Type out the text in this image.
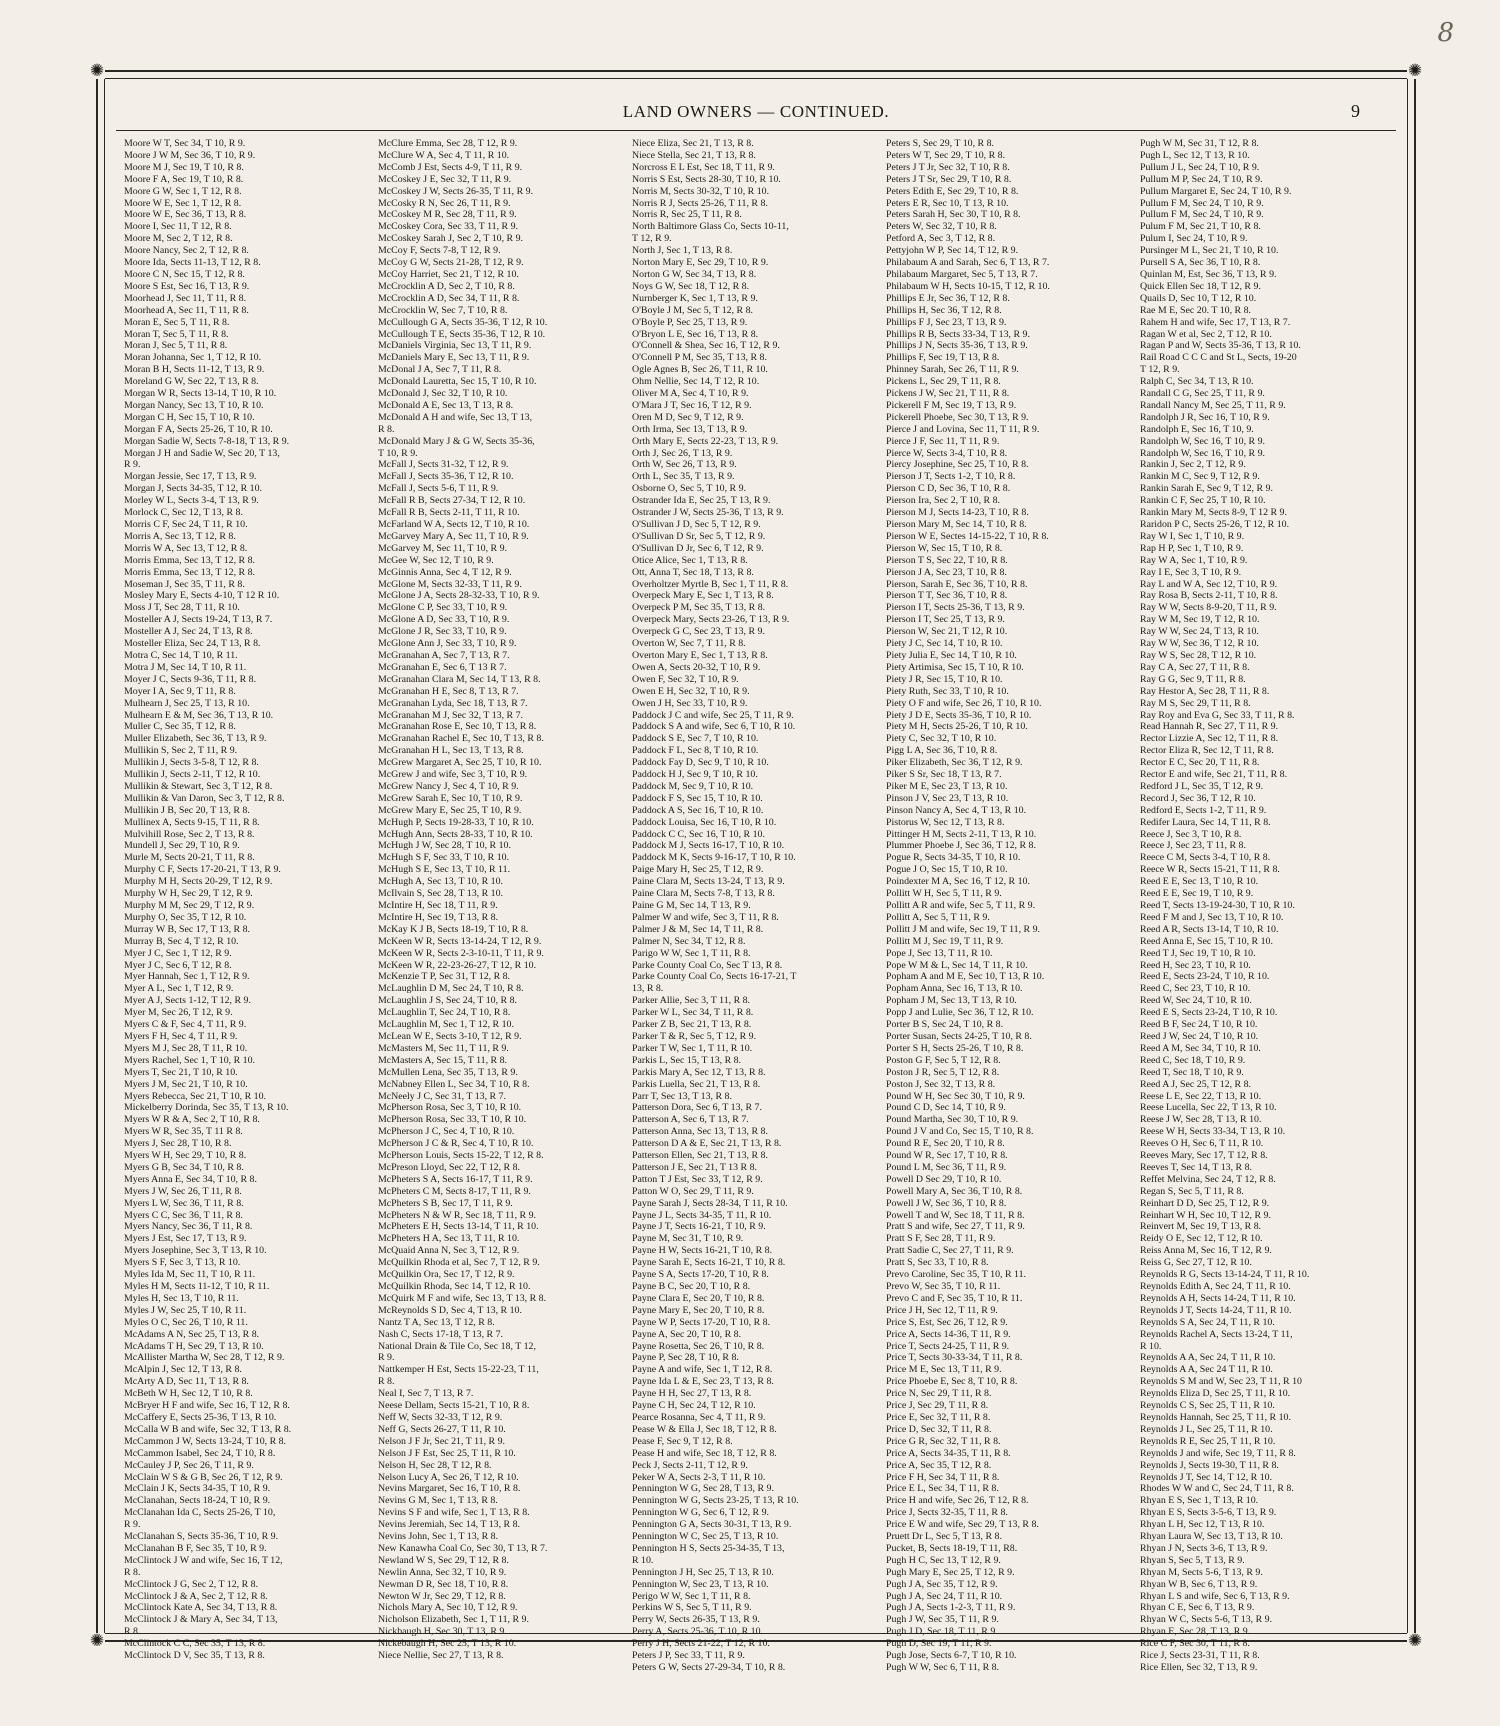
8
✺	✺
✺	✺
LAND OWNERS — CONTINUED.	9
Moore W T, Sec 34, T 10, R 9.
Moore J W M, Sec 36, T 10, R 9.
Moore M J, Sec 19, T 10, R 8.
Moore F A, Sec 19, T 10, R 8.
Moore G W, Sec 1, T 12, R 8.
Moore W E, Sec 1, T 12, R 8.
Moore W E, Sec 36, T 13, R 8.
Moore I, Sec 11, T 12, R 8.
Moore M, Sec 2, T 12, R 8.
Moore Nancy, Sec 2, T 12, R 8.
Moore Ida, Sects 11-13, T 12, R 8.
Moore C N, Sec 15, T 12, R 8.
Moore S Est, Sec 16, T 13, R 9.
Moorhead J, Sec 11, T 11, R 8.
Moorhead A, Sec 11, T 11, R 8.
Moran E, Sec 5, T 11, R 8.
Moran T, Sec 5, T 11, R 8.
Moran J, Sec 5, T 11, R 8.
Moran Johanna, Sec 1, T 12, R 10.
Moran B H, Sects 11-12, T 13, R 9.
Moreland G W, Sec 22, T 13, R 8.
Morgan W R, Sects 13-14, T 10, R 10.
Morgan Nancy, Sec 13, T 10, R 10.
Morgan C H, Sec 15, T 10, R 10.
Morgan F A, Sects 25-26, T 10, R 10.
Morgan Sadie W, Sects 7-8-18, T 13, R 9.
Morgan J H and Sadie W, Sec 20, T 13,
R 9.
Morgan Jessie, Sec 17, T 13, R 9.
Morgan J, Sects 34-35, T 12, R 10.
Morley W L, Sects 3-4, T 13, R 9.
Morlock C, Sec 12, T 13, R 8.
Morris C F, Sec 24, T 11, R 10.
Morris A, Sec 13, T 12, R 8.
Morris W A, Sec 13, T 12, R 8.
Morris Emma, Sec 13, T 12, R 8.
Morris Emma, Sec 13, T 12, R 8.
Moseman J, Sec 35, T 11, R 8.
Mosley Mary E, Sects 4-10, T 12 R 10.
Moss J T, Sec 28, T 11, R 10.
Mosteller A J, Sects 19-24, T 13, R 7.
Mosteller A J, Sec 24, T 13, R 8.
Mosteller Eliza, Sec 24, T 13, R 8.
Motra C, Sec 14, T 10, R 11.
Motra J M, Sec 14, T 10, R 11.
Moyer J C, Sects 9-36, T 11, R 8.
Moyer I A, Sec 9, T 11, R 8.
Mulhearn J, Sec 25, T 13, R 10.
Mulhearn E & M, Sec 36, T 13, R 10.
Muller C, Sec 35, T 12, R 8.
Muller Elizabeth, Sec 36, T 13, R 9.
Mullikin S, Sec 2, T 11, R 9.
Mullikin J, Sects 3-5-8, T 12, R 8.
Mullikin J, Sects 2-11, T 12, R 10.
Mullikin & Stewart, Sec 3, T 12, R 8.
Mullikin & Van Daron, Sec 3, T 12, R 8.
Mullikin J B, Sec 20, T 13, R 8.
Mullinex A, Sects 9-15, T 11, R 8.
Mulvihill Rose, Sec 2, T 13, R 8.
Mundell J, Sec 29, T 10, R 9.
Murle M, Sects 20-21, T 11, R 8.
Murphy C F, Sects 17-20-21, T 13, R 9.
Murphy M H, Sects 20-29, T 12, R 9.
Murphy W H, Sec 29, T 12, R 9.
Murphy M M, Sec 29, T 12, R 9.
Murphy O, Sec 35, T 12, R 10.
Murray W B, Sec 17, T 13, R 8.
Murray B, Sec 4, T 12, R 10.
Myer J C, Sec 1, T 12, R 9.
Myer J C, Sec 6, T 12, R 8.
Myer Hannah, Sec 1, T 12, R 9.
Myer A L, Sec 1, T 12, R 9.
Myer A J, Sects 1-12, T 12, R 9.
Myer M, Sec 26, T 12, R 9.
Myers C & F, Sec 4, T 11, R 9.
Myers F H, Sec 4, T 11, R 9.
Myers M J, Sec 28, T 11, R 10.
Myers Rachel, Sec 1, T 10, R 10.
Myers T, Sec 21, T 10, R 10.
Myers J M, Sec 21, T 10, R 10.
Myers Rebecca, Sec 21, T 10, R 10.
Mickelberry Dorinda, Sec 35, T 13, R 10.
Myers W R & A, Sec 2, T 10, R 8.
Myers W R, Sec 35, T 11 R 8.
Myers J, Sec 28, T 10, R 8.
Myers W H, Sec 29, T 10, R 8.
Myers G B, Sec 34, T 10, R 8.
Myers Anna E, Sec 34, T 10, R 8.
Myers J W, Sec 26, T 11, R 8.
Myers L W, Sec 36, T 11, R 8.
Myers C C, Sec 36, T 11, R 8.
Myers Nancy, Sec 36, T 11, R 8.
Myers J Est, Sec 17, T 13, R 9.
Myers Josephine, Sec 3, T 13, R 10.
Myers S F, Sec 3, T 13, R 10.
Myles Ida M, Sec 11, T 10, R 11.
Myles H M, Sects 11-12, T 10, R 11.
Myles H, Sec 13, T 10, R 11.
Myles J W, Sec 25, T 10, R 11.
Myles O C, Sec 26, T 10, R 11.
McAdams A N, Sec 25, T 13, R 8.
McAdams T H, Sec 29, T 13, R 10.
McAllister Martha W, Sec 28, T 12, R 9.
McAlpin J, Sec 12, T 13, R 8.
McArty A D, Sec 11, T 13, R 8.
McBeth W H, Sec 12, T 10, R 8.
McBryer H F and wife, Sec 16, T 12, R 8.
McCaffery E, Sects 25-36, T 13, R 10.
McCalla W B and wife, Sec 32, T 13, R 8.
McCammon J W, Sects 13-24, T 10, R 8.
McCammon Isabel, Sec 24, T 10, R 8.
McCauley J P, Sec 26, T 11, R 9.
McClain W S & G B, Sec 26, T 12, R 9.
McClain J K, Sects 34-35, T 10, R 9.
McClanahan, Sects 18-24, T 10, R 9.
McClanahan Ida C, Sects 25-26, T 10,
R 9.
McClanahan S, Sects 35-36, T 10, R 9.
McClanahan B F, Sec 35, T 10, R 9.
McClintock J W and wife, Sec 16, T 12,
R 8.
McClintock J G, Sec 2, T 12, R 8.
McClintock J & A, Sec 2, T 12, R 8.
McClintock Kate A, Sec 34, T 13, R 8.
McClintock J & Mary A, Sec 34, T 13,
R 8.
McClintock C C, Sec 35, T 13, R 8.
McClintock D V, Sec 35, T 13, R 8.
McClure Emma, Sec 28, T 12, R 9.
McClure W A, Sec 4, T 11, R 10.
McComb J Est, Sects 4-9, T 11, R 9.
McCoskey J E, Sec 32, T 11, R 9.
McCoskey J W, Sects 26-35, T 11, R 9.
McCosky R N, Sec 26, T 11, R 9.
McCoskey M R, Sec 28, T 11, R 9.
McCoskey Cora, Sec 33, T 11, R 9.
McCoskey Sarah J, Sec 2, T 10, R 9.
McCoy F, Sects 7-8, T 12, R 9.
McCoy G W, Sects 21-28, T 12, R 9.
McCoy Harriet, Sec 21, T 12, R 10.
McCrocklin A D, Sec 2, T 10, R 8.
McCrocklin A D, Sec 34, T 11, R 8.
McCrocklin W, Sec 7, T 10, R 8.
McCullough G A, Sects 35-36, T 12, R 10.
McCullough T E, Sects 35-36, T 12, R 10.
McDaniels Virginia, Sec 13, T 11, R 9.
McDaniels Mary E, Sec 13, T 11, R 9.
McDonal J A, Sec 7, T 11, R 8.
McDonald Lauretta, Sec 15, T 10, R 10.
McDonald J, Sec 32, T 10, R 10.
McDonald A E, Sec 13, T 13, R 8.
McDonald A H and wife, Sec 13, T 13,
R 8.
McDonald Mary J & G W, Sects 35-36,
T 10, R 9.
McFall J, Sects 31-32, T 12, R 9.
McFall J, Sects 35-36, T 12, R 10.
McFall J, Sects 5-6, T 11, R 9.
McFall R B, Sects 27-34, T 12, R 10.
McFall R B, Sects 2-11, T 11, R 10.
McFarland W A, Sects 12, T 10, R 10.
McGarvey Mary A, Sec 11, T 10, R 9.
McGarvey M, Sec 11, T 10, R 9.
McGee W, Sec 12, T 10, R 9.
McGinnis Anna, Sec 4, T 12, R 9.
McGlone M, Sects 32-33, T 11, R 9.
McGlone J A, Sects 28-32-33, T 10, R 9.
McGlone C P, Sec 33, T 10, R 9.
McGlone A D, Sec 33, T 10, R 9.
McGlone J R, Sec 33, T 10, R 9.
McGlone Ann J, Sec 33, T 10, R 9.
McGranahan A, Sec 7, T 13, R 7.
McGranahan E, Sec 6, T 13 R 7.
McGranahan Clara M, Sec 14, T 13, R 8.
McGranahan H E, Sec 8, T 13, R 7.
McGranahan Lyda, Sec 18, T 13, R 7.
McGranahan M J, Sec 32, T 13, R 7.
McGranahan Rose E, Sec 10, T 13, R 8.
McGranahan Rachel E, Sec 10, T 13, R 8.
McGranahan H L, Sec 13, T 13, R 8.
McGrew Margaret A, Sec 25, T 10, R 10.
McGrew J and wife, Sec 3, T 10, R 9.
McGrew Nancy J, Sec 4, T 10, R 9.
McGrew Sarah E, Sec 10, T 10, R 9.
McGrew Mary E, Sec 25, T 10, R 9.
McHugh P, Sects 19-28-33, T 10, R 10.
McHugh Ann, Sects 28-33, T 10, R 10.
McHugh J W, Sec 28, T 10, R 10.
McHugh S F, Sec 33, T 10, R 10.
McHugh S E, Sec 13, T 10, R 11.
McHugh A, Sec 13, T 10, R 10.
McIlvain S, Sec 28, T 13, R 10.
McIntire H, Sec 18, T 11, R 9.
McIntire H, Sec 19, T 13, R 8.
McKay K J B, Sects 18-19, T 10, R 8.
McKeen W R, Sects 13-14-24, T 12, R 9.
McKeen W R, Sects 2-3-10-11, T 11, R 9.
McKeen W R, 22-23-26-27, T 12, R 10.
McKenzie T P, Sec 31, T 12, R 8.
McLaughlin D M, Sec 24, T 10, R 8.
McLaughlin J S, Sec 24, T 10, R 8.
McLaughlin T, Sec 24, T 10, R 8.
McLaughlin M, Sec 1, T 12, R 10.
McLean W E, Sects 3-10, T 12, R 9.
McMasters M, Sec 11, T 11, R 9.
McMasters A, Sec 15, T 11, R 8.
McMullen Lena, Sec 35, T 13, R 9.
McNabney Ellen L, Sec 34, T 10, R 8.
McNeely J C, Sec 31, T 13, R 7.
McPherson Rosa, Sec 3, T 10, R 10.
McPherson Rosa, Sec 33, T 10, R 10.
McPherson J C, Sec 4, T 10, R 10.
McPherson J C & R, Sec 4, T 10, R 10.
McPherson Louis, Sects 15-22, T 12, R 8.
McPreson Lloyd, Sec 22, T 12, R 8.
McPheters S A, Sects 16-17, T 11, R 9.
McPheters C M, Sects 8-17, T 11, R 9.
McPheters S B, Sec 17, T 11, R 9.
McPheters N & W R, Sec 18, T 11, R 9.
McPheters E H, Sects 13-14, T 11, R 10.
McPheters H A, Sec 13, T 11, R 10.
McQuaid Anna N, Sec 3, T 12, R 9.
McQuilkin Rhoda et al, Sec 7, T 12, R 9.
McQuilkin Ora, Sec 17, T 12, R 9.
McQuilkin Rhoda, Sec 14, T 12, R 10.
McQuirk M F and wife, Sec 13, T 13, R 8.
McReynolds S D, Sec 4, T 13, R 10.
Nantz T A, Sec 13, T 12, R 8.
Nash C, Sects 17-18, T 13, R 7.
National Drain & Tile Co, Sec 18, T 12,
R 9.
Nattkemper H Est, Sects 15-22-23, T 11,
R 8.
Neal I, Sec 7, T 13, R 7.
Neese Dellam, Sects 15-21, T 10, R 8.
Neff W, Sects 32-33, T 12, R 9.
Neff G, Sects 26-27, T 11, R 10.
Nelson J F Jr, Sec 21, T 11, R 9.
Nelson J F Est, Sec 25, T 11, R 10.
Nelson H, Sec 28, T 12, R 8.
Nelson Lucy A, Sec 26, T 12, R 10.
Nevins Margaret, Sec 16, T 10, R 8.
Nevins G M, Sec 1, T 13, R 8.
Nevins S F and wife, Sec 1, T 13, R 8.
Nevins Jeremiah, Sec 14, T 13, R 8.
Nevins John, Sec 1, T 13, R 8.
New Kanawha Coal Co, Sec 30, T 13, R 7.
Newland W S, Sec 29, T 12, R 8.
Newlin Anna, Sec 32, T 10, R 9.
Newman D R, Sec 18, T 10, R 8.
Newton W Jr, Sec 29, T 12, R 8.
Nichols Mary A, Sec 10, T 12, R 9.
Nicholson Elizabeth, Sec 1, T 11, R 9.
Nickbaugh H, Sec 30, T 13, R 9.
Nickebaugh H, Sec 25, T 13, R 10.
Niece Nellie, Sec 27, T 13, R 8.
Niece Eliza, Sec 21, T 13, R 8.
Niece Stella, Sec 21, T 13, R 8.
Norcross E L Est, Sec 18, T 11, R 9.
Norris S Est, Sects 28-30, T 10, R 10.
Norris M, Sects 30-32, T 10, R 10.
Norris R J, Sects 25-26, T 11, R 8.
Norris R, Sec 25, T 11, R 8.
North Baltimore Glass Co, Sects 10-11,
T 12, R 9.
North J, Sec 1, T 13, R 8.
Norton Mary E, Sec 29, T 10, R 9.
Norton G W, Sec 34, T 13, R 8.
Noys G W, Sec 18, T 12, R 8.
Nurnberger K, Sec 1, T 13, R 9.
O'Boyle J M, Sec 5, T 12, R 8.
O'Boyle P, Sec 25, T 13, R 9.
O'Bryon L E, Sec 16, T 13, R 8.
O'Connell & Shea, Sec 16, T 12, R 9.
O'Connell P M, Sec 35, T 13, R 8.
Ogle Agnes B, Sec 26, T 11, R 10.
Ohm Nellie, Sec 14, T 12, R 10.
Oliver M A, Sec 4, T 10, R 9.
O'Mara J T, Sec 16, T 12, R 9.
Oren M D, Sec 9, T 12, R 9.
Orth Irma, Sec 13, T 13, R 9.
Orth Mary E, Sects 22-23, T 13, R 9.
Orth J, Sec 26, T 13, R 9.
Orth W, Sec 26, T 13, R 9.
Orth L, Sec 35, T 13, R 9.
Osborne O, Sec 5, T 10, R 9.
Ostrander Ida E, Sec 25, T 13, R 9.
Ostrander J W, Sects 25-36, T 13, R 9.
O'Sullivan J D, Sec 5, T 12, R 9.
O'Sullivan D Sr, Sec 5, T 12, R 9.
O'Sullivan D Jr, Sec 6, T 12, R 9.
Otice Alice, Sec 1, T 13, R 8.
Ott, Anna T, Sec 18, T 13, R 8.
Overholtzer Myrtle B, Sec 1, T 11, R 8.
Overpeck Mary E, Sec 1, T 13, R 8.
Overpeck P M, Sec 35, T 13, R 8.
Overpeck Mary, Sects 23-26, T 13, R 9.
Overpeck G C, Sec 23, T 13, R 9.
Overton W, Sec 7, T 11, R 8.
Overton Mary E, Sec 1, T 13, R 8.
Owen A, Sects 20-32, T 10, R 9.
Owen F, Sec 32, T 10, R 9.
Owen E H, Sec 32, T 10, R 9.
Owen J H, Sec 33, T 10, R 9.
Paddock J C and wife, Sec 25, T 11, R 9.
Paddock S A and wife, Sec 6, T 10, R 10.
Paddock S E, Sec 7, T 10, R 10.
Paddock F L, Sec 8, T 10, R 10.
Paddock Fay D, Sec 9, T 10, R 10.
Paddock H J, Sec 9, T 10, R 10.
Paddock M, Sec 9, T 10, R 10.
Paddock F S, Sec 15, T 10, R 10.
Paddock A S, Sec 16, T 10, R 10.
Paddock Louisa, Sec 16, T 10, R 10.
Paddock C C, Sec 16, T 10, R 10.
Paddock M J, Sects 16-17, T 10, R 10.
Paddock M K, Sects 9-16-17, T 10, R 10.
Paige Mary H, Sec 25, T 12, R 9.
Paine Clara M, Sects 13-24, T 13, R 9.
Paine Clara M, Sects 7-8, T 13, R 8.
Paine G M, Sec 14, T 13, R 9.
Palmer W and wife, Sec 3, T 11, R 8.
Palmer J & M, Sec 14, T 11, R 8.
Palmer N, Sec 34, T 12, R 8.
Parigo W W, Sec 1, T 11, R 8.
Parke County Coal Co, Sec T 13, R 8.
Parke County Coal Co, Sects 16-17-21, T
13, R 8.
Parker Allie, Sec 3, T 11, R 8.
Parker W L, Sec 34, T 11, R 8.
Parker Z B, Sec 21, T 13, R 8.
Parker T & R, Sec 5, T 12, R 9.
Parker T W, Sec 1, T 11, R 10.
Parkis L, Sec 15, T 13, R 8.
Parkis Mary A, Sec 12, T 13, R 8.
Parkis Luella, Sec 21, T 13, R 8.
Parr T, Sec 13, T 13, R 8.
Patterson Dora, Sec 6, T 13, R 7.
Patterson A, Sec 6, T 13, R 7.
Patterson Anna, Sec 13, T 13, R 8.
Patterson D A & E, Sec 21, T 13, R 8.
Patterson Ellen, Sec 21, T 13, R 8.
Patterson J E, Sec 21, T 13 R 8.
Patton T J Est, Sec 33, T 12, R 9.
Patton W O, Sec 29, T 11, R 9.
Payne Sarah J, Sects 28-34, T 11, R 10.
Payne J L, Sects 34-35, T 11, R 10.
Payne J T, Sects 16-21, T 10, R 9.
Payne M, Sec 31, T 10, R 9.
Payne H W, Sects 16-21, T 10, R 8.
Payne Sarah E, Sects 16-21, T 10, R 8.
Payne S A, Sects 17-20, T 10, R 8.
Payne B C, Sec 20, T 10, R 8.
Payne Clara E, Sec 20, T 10, R 8.
Payne Mary E, Sec 20, T 10, R 8.
Payne W P, Sects 17-20, T 10, R 8.
Payne A, Sec 20, T 10, R 8.
Payne Rosetta, Sec 26, T 10, R 8.
Payne P, Sec 28, T 10, R 8.
Payne A and wife, Sec 1, T 12, R 8.
Payne Ida L & E, Sec 23, T 13, R 8.
Payne H H, Sec 27, T 13, R 8.
Payne C H, Sec 24, T 12, R 10.
Pearce Rosanna, Sec 4, T 11, R 9.
Pease W & Ella J, Sec 18, T 12, R 8.
Pease F, Sec 9, T 12, R 8.
Pease H and wife, Sec 18, T 12, R 8.
Peck J, Sects 2-11, T 12, R 9.
Peker W A, Sects 2-3, T 11, R 10.
Pennington W G, Sec 28, T 13, R 9.
Pennington W G, Sects 23-25, T 13, R 10.
Pennington W G, Sec 6, T 12, R 9.
Pennington G A, Sects 30-31, T 13, R 9.
Pennington W C, Sec 25, T 13, R 10.
Pennington H S, Sects 25-34-35, T 13,
R 10.
Pennington J H, Sec 25, T 13, R 10.
Pennington W, Sec 23, T 13, R 10.
Perigo W W, Sec 1, T 11, R 8.
Perkins W S, Sec 5, T 11, R 9.
Perry W, Sects 26-35, T 13, R 9.
Perry A, Sects 25-36, T 10, R 10.
Perry J H, Sects 21-22, T 12, R 10.
Peters J P, Sec 33, T 11, R 9.
Peters G W, Sects 27-29-34, T 10, R 8.
Peters S, Sec 29, T 10, R 8.
Peters W T, Sec 29, T 10, R 8.
Peters J T Jr, Sec 32, T 10, R 8.
Peters J T Sr, Sec 29, T 10, R 8.
Peters Edith E, Sec 29, T 10, R 8.
Peters E R, Sec 10, T 13, R 10.
Peters Sarah H, Sec 30, T 10, R 8.
Peters W, Sec 32, T 10, R 8.
Petford A, Sec 3, T 12, R 8.
Pettyjohn W P, Sec 14, T 12, R 9.
Philabaum A and Sarah, Sec 6, T 13, R 7.
Philabaum Margaret, Sec 5, T 13, R 7.
Philabaum W H, Sects 10-15, T 12, R 10.
Phillips E Jr, Sec 36, T 12, R 8.
Phillips H, Sec 36, T 12, R 8.
Phillips F J, Sec 23, T 13, R 9.
Phillips R B, Sects 33-34, T 13, R 9.
Phillips J N, Sects 35-36, T 13, R 9.
Phillips F, Sec 19, T 13, R 8.
Phinney Sarah, Sec 26, T 11, R 9.
Pickens L, Sec 29, T 11, R 8.
Pickens J W, Sec 21, T 11, R 8.
Pickerell F M, Sec 19, T 13, R 9.
Pickerell Phoebe, Sec 30, T 13, R 9.
Pierce J and Lovina, Sec 11, T 11, R 9.
Pierce J F, Sec 11, T 11, R 9.
Pierce W, Sects 3-4, T 10, R 8.
Piercy Josephine, Sec 25, T 10, R 8.
Pierson J T, Sects 1-2, T 10, R 8.
Pierson C D, Sec 36, T 10, R 8.
Pierson Ira, Sec 2, T 10, R 8.
Pierson M J, Sects 14-23, T 10, R 8.
Pierson Mary M, Sec 14, T 10, R 8.
Pierson W E, Sectes 14-15-22, T 10, R 8.
Pierson W, Sec 15, T 10, R 8.
Pierson T S, Sec 22, T 10, R 8.
Pierson J A, Sec 23, T 10, R 8.
Pierson, Sarah E, Sec 36, T 10, R 8.
Pierson T T, Sec 36, T 10, R 8.
Pierson I T, Sects 25-36, T 13, R 9.
Pierson I T, Sec 25, T 13, R 9.
Pierson W, Sec 21, T 12, R 10.
Piety J C, Sec 14, T 10, R 10.
Piety Julia E, Sec 14, T 10, R 10.
Piety Artimisa, Sec 15, T 10, R 10.
Piety J R, Sec 15, T 10, R 10.
Piety Ruth, Sec 33, T 10, R 10.
Piety O F and wife, Sec 26, T 10, R 10.
Piety J D E, Sects 35-36, T 10, R 10.
Piety M H, Sects 25-26, T 10, R 10.
Piety C, Sec 32, T 10, R 10.
Pigg L A, Sec 36, T 10, R 8.
Piker Elizabeth, Sec 36, T 12, R 9.
Piker S Sr, Sec 18, T 13, R 7.
Piker M E, Sec 23, T 13, R 10.
Pinson J V, Sec 23, T 13, R 10.
Pinson Nancy A, Sec 4, T 13, R 10.
Pistorus W, Sec 12, T 13, R 8.
Pittinger H M, Sects 2-11, T 13, R 10.
Plummer Phoebe J, Sec 36, T 12, R 8.
Pogue R, Sects 34-35, T 10, R 10.
Pogue J O, Sec 15, T 10, R 10.
Poindexter M A, Sec 16, T 12, R 10.
Pollitt W H, Sec 5, T 11, R 9.
Pollitt A R and wife, Sec 5, T 11, R 9.
Pollitt A, Sec 5, T 11, R 9.
Pollitt J M and wife, Sec 19, T 11, R 9.
Pollitt M J, Sec 19, T 11, R 9.
Pope J, Sec 13, T 11, R 10.
Pope W M & L, Sec 14, T 11, R 10.
Popham A and M E, Sec 10, T 13, R 10.
Popham Anna, Sec 16, T 13, R 10.
Popham J M, Sec 13, T 13, R 10.
Popp J and Lulie, Sec 36, T 12, R 10.
Porter B S, Sec 24, T 10, R 8.
Porter Susan, Sects 24-25, T 10, R 8.
Porter S H, Sects 25-26, T 10, R 8.
Poston G F, Sec 5, T 12, R 8.
Poston J R, Sec 5, T 12, R 8.
Poston J, Sec 32, T 13, R 8.
Pound W H, Sec Sec 30, T 10, R 9.
Pound C D, Sec 14, T 10, R 9.
Pound Martha, Sec 30, T 10, R 9.
Pound J V and Co, Sec 15, T 10, R 8.
Pound R E, Sec 20, T 10, R 8.
Pound W R, Sec 17, T 10, R 8.
Pound L M, Sec 36, T 11, R 9.
Powell D Sec 29, T 10, R 10.
Powell Mary A, Sec 36, T 10, R 8.
Powell J W, Sec 36, T 10, R 8.
Powell T and W, Sec 18, T 11, R 8.
Pratt S and wife, Sec 27, T 11, R 9.
Pratt S F, Sec 28, T 11, R 9.
Pratt Sadie C, Sec 27, T 11, R 9.
Pratt S, Sec 33, T 10, R 8.
Prevo Caroline, Sec 35, T 10, R 11.
Prevo W, Sec 35, T 10, R 11.
Prevo C and F, Sec 35, T 10, R 11.
Price J H, Sec 12, T 11, R 9.
Price S, Est, Sec 26, T 12, R 9.
Price A, Sects 14-36, T 11, R 9.
Price T, Sects 24-25, T 11, R 9.
Price T, Sects 30-33-34, T 11, R 8.
Price M E, Sec 13, T 11, R 9.
Price Phoebe E, Sec 8, T 10, R 8.
Price N, Sec 29, T 11, R 8.
Price J, Sec 29, T 11, R 8.
Price E, Sec 32, T 11, R 8.
Price D, Sec 32, T 11, R 8.
Price G R, Sec 32, T 11, R 8.
Price A, Sects 34-35, T 11, R 8.
Price A, Sec 35, T 12, R 8.
Price F H, Sec 34, T 11, R 8.
Price E L, Sec 34, T 11, R 8.
Price H and wife, Sec 26, T 12, R 8.
Price J, Sects 32-35, T 11, R 8.
Price E W and wife, Sec 29, T 13, R 8.
Pruett Dr L, Sec 5, T 13, R 8.
Pucket, B, Sects 18-19, T 11, R8.
Pugh H C, Sec 13, T 12, R 9.
Pugh Mary E, Sec 25, T 12, R 9.
Pugh J A, Sec 35, T 12, R 9.
Pugh J A, Sec 24, T 11, R 10.
Pugh J A, Sects 1-2-3, T 11, R 9.
Pugh J W, Sec 35, T 11, R 9.
Pugh J D, Sec 18, T 11, R 9.
Pugh D, Sec 19, T 11, R 9.
Pugh Jose, Sects 6-7, T 10, R 10.
Pugh W W, Sec 6, T 11, R 8.
Pugh W M, Sec 31, T 12, R 8.
Pugh L, Sec 12, T 13, R 10.
Pullum J L, Sec 24, T 10, R 9.
Pullum M P, Sec 24, T 10, R 9.
Pullum Margaret E, Sec 24, T 10, R 9.
Pullum F M, Sec 24, T 10, R 9.
Pullum F M, Sec 24, T 10, R 9.
Pulum F M, Sec 21, T 10, R 8.
Pulum I, Sec 24, T 10, R 9.
Pursinger M L, Sec 21, T 10, R 10.
Pursell S A, Sec 36, T 10, R 8.
Quinlan M, Est, Sec 36, T 13, R 9.
Quick Ellen Sec 18, T 12, R 9.
Quails D, Sec 10, T 12, R 10.
Rae M E, Sec 20. T 10, R 8.
Rahem H and wife, Sec 17, T 13, R 7.
Ragan W et al, Sec 2, T 12, R 10.
Ragan P and W, Sects 35-36, T 13, R 10.
Rail Road C C C and St L, Sects, 19-20
T 12, R 9.
Ralph C, Sec 34, T 13, R 10.
Randall C G, Sec 25, T 11, R 9.
Randall Nancy M, Sec 25, T 11, R 9.
Randolph J R, Sec 16, T 10, R 9.
Randolph E, Sec 16, T 10, 9.
Randolph W, Sec 16, T 10, R 9.
Randolph W, Sec 16, T 10, R 9.
Rankin J, Sec 2, T 12, R 9.
Rankin M C, Sec 9, T 12, R 9.
Rankin Sarah E, Sec 9, T 12, R 9.
Rankin C F, Sec 25, T 10, R 10.
Rankin Mary M, Sects 8-9, T 12 R 9.
Raridon P C, Sects 25-26, T 12, R 10.
Ray W I, Sec 1, T 10, R 9.
Rap H P, Sec 1, T 10, R 9.
Ray W A, Sec 1, T 10, R 9.
Ray I E, Sec 3, T 10, R 9.
Ray L and W A, Sec 12, T 10, R 9.
Ray Rosa B, Sects 2-11, T 10, R 8.
Ray W W, Sects 8-9-20, T 11, R 9.
Ray W M, Sec 19, T 12, R 10.
Ray W W, Sec 24, T 13, R 10.
Ray W W, Sec 36, T 12, R 10.
Ray W S, Sec 28, T 12, R 10.
Ray C A, Sec 27, T 11, R 8.
Ray G G, Sec 9, T 11, R 8.
Ray Hestor A, Sec 28, T 11, R 8.
Ray M S, Sec 29, T 11, R 8.
Ray Roy and Eva G, Sec 33, T 11, R 8.
Read Hannah R, Sec 27, T 11, R 9.
Rector Lizzie A, Sec 12, T 11, R 8.
Rector Eliza R, Sec 12, T 11, R 8.
Rector E C, Sec 20, T 11, R 8.
Rector E and wife, Sec 21, T 11, R 8.
Redford J L, Sec 35, T 12, R 9.
Record J, Sec 36, T 12, R 10.
Redford E, Sects 1-2, T 11, R 9.
Redifer Laura, Sec 14, T 11, R 8.
Reece J, Sec 3, T 10, R 8.
Reece J, Sec 23, T 11, R 8.
Reece C M, Sects 3-4, T 10, R 8.
Reece W R, Sects 15-21, T 11, R 8.
Reed E E, Sec 13, T 10, R 10.
Reed E E, Sec 19, T 10, R 9.
Reed T, Sects 13-19-24-30, T 10, R 10.
Reed F M and J, Sec 13, T 10, R 10.
Reed A R, Sects 13-14, T 10, R 10.
Reed Anna E, Sec 15, T 10, R 10.
Reed T J, Sec 19, T 10, R 10.
Reed H, Sec 23, T 10, R 10.
Reed E, Sects 23-24, T 10, R 10.
Reed C, Sec 23, T 10, R 10.
Reed W, Sec 24, T 10, R 10.
Reed E S, Sects 23-24, T 10, R 10.
Reed B F, Sec 24, T 10, R 10.
Reed J W, Sec 24, T 10, R 10.
Reed A M, Sec 34, T 10, R 10.
Reed C, Sec 18, T 10, R 9.
Reed T, Sec 18, T 10, R 9.
Reed A J, Sec 25, T 12, R 8.
Reese L E, Sec 22, T 13, R 10.
Reese Lucella, Sec 22, T 13, R 10.
Reese J W, Sec 28, T 13, R 10.
Reese W H, Sects 33-34, T 13, R 10.
Reeves O H, Sec 6, T 11, R 10.
Reeves Mary, Sec 17, T 12, R 8.
Reeves T, Sec 14, T 13, R 8.
Reffet Melvina, Sec 24, T 12, R 8.
Regan S, Sec 5, T 11, R 8.
Reinhart D D, Sec 25, T 12, R 9.
Reinhart W H, Sec 10, T 12, R 9.
Reinvert M, Sec 19, T 13, R 8.
Reidy O E, Sec 12, T 12, R 10.
Reiss Anna M, Sec 16, T 12, R 9.
Reiss G, Sec 27, T 12, R 10.
Reynolds R G, Sects 13-14-24, T 11, R 10.
Reynolds Edith A, Sec 24, T 11, R 10.
Reynolds A H, Sects 14-24, T 11, R 10.
Reynolds J T, Sects 14-24, T 11, R 10.
Reynolds S A, Sec 24, T 11, R 10.
Reynolds Rachel A, Sects 13-24, T 11,
R 10.
Reynolds A A, Sec 24, T 11, R 10.
Reynolds A A, Sec 24 T 11, R 10.
Reynolds S M and W, Sec 23, T 11, R 10
Reynolds Eliza D, Sec 25, T 11, R 10.
Reynolds C S, Sec 25, T 11, R 10.
Reynolds Hannah, Sec 25, T 11, R 10.
Reynolds J L, Sec 25, T 11, R 10.
Reynolds R E, Sec 25, T 11, R 10.
Reynolds J and wife, Sec 19, T 11, R 8.
Reynolds J, Sects 19-30, T 11, R 8.
Reynolds J T, Sec 14, T 12, R 10.
Rhodes W W and C, Sec 24, T 11, R 8.
Rhyan E S, Sec 1, T 13, R 10.
Rhyan E S, Sects 3-5-6, T 13, R 9.
Rhyan L H, Sec 12, T 13, R 10.
Rhyan Laura W, Sec 13, T 13, R 10.
Rhyan J N, Sects 3-6, T 13, R 9.
Rhyan S, Sec 5, T 13, R 9.
Rhyan M, Sects 5-6, T 13, R 9.
Rhyan W B, Sec 6, T 13, R 9.
Rhyan L S and wife, Sec 6, T 13, R 9.
Rhyan C E, Sec 6, T 13, R 9.
Rhyan W C, Sects 5-6, T 13, R 9.
Rhyan E, Sec 28, T 13, R 9.
Rice C F, Sec 30, T 11, R 8.
Rice J, Sects 23-31, T 11, R 8.
Rice Ellen, Sec 32, T 13, R 9.
